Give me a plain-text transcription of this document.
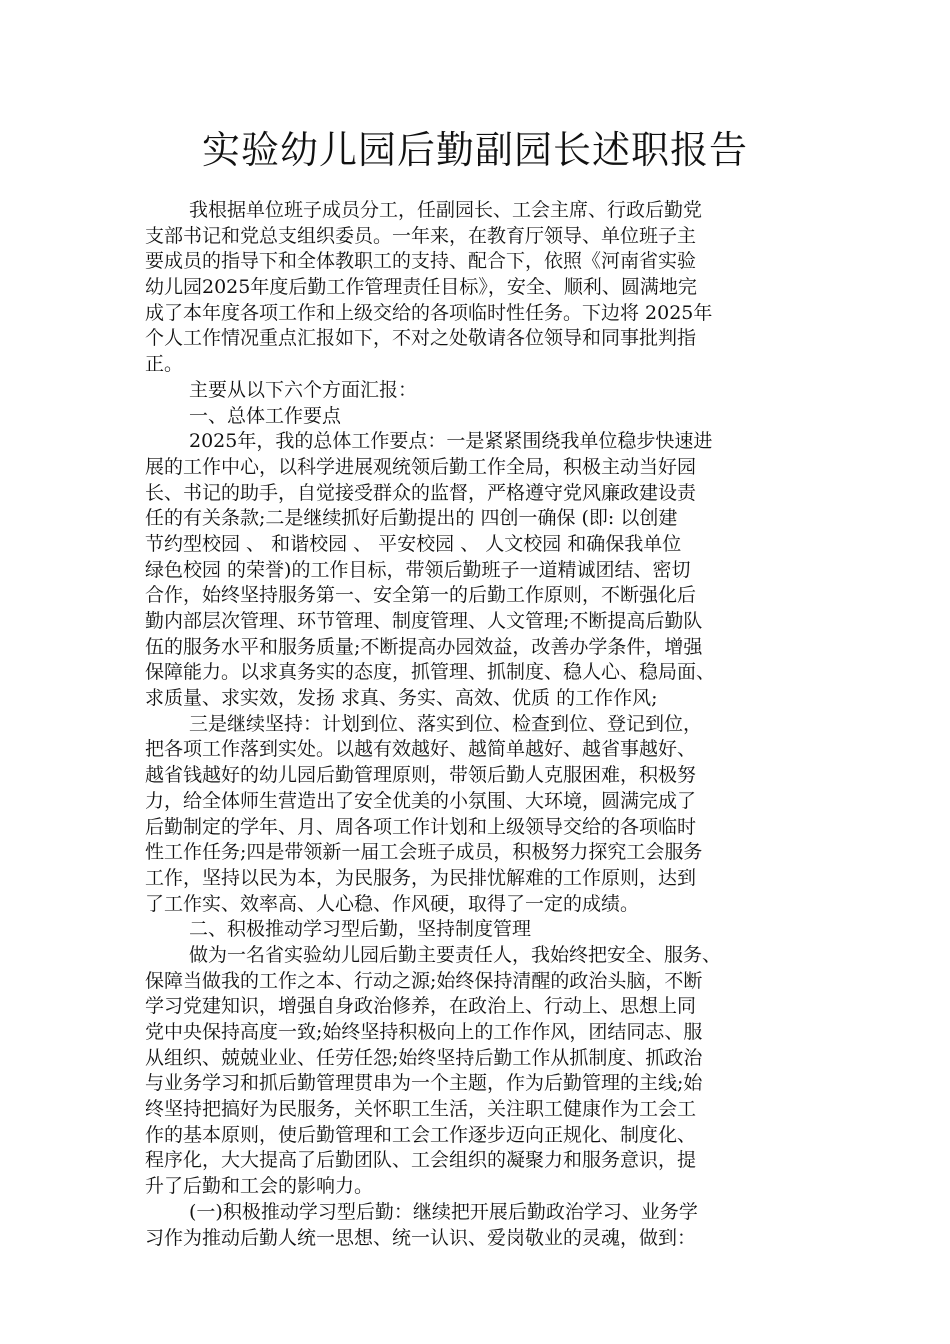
实验幼儿园后勤副园长述职报告
我根据单位班子成员分工，任副园长、工会主席、行政后勤党
支部书记和党总支组织委员。一年来，在教育厅领导、单位班子主
要成员的指导下和全体教职工的支持、配合下，依照《河南省实验
幼儿园2025年度后勤工作管理责任目标》，安全、顺利、圆满地完
成了本年度各项工作和上级交给的各项临时性任务。下边将 2025年
个人工作情况重点汇报如下，不对之处敬请各位领导和同事批判指
正。
主要从以下六个方面汇报：
一、总体工作要点
2025年，我的总体工作要点：一是紧紧围绕我单位稳步快速进
展的工作中心，以科学进展观统领后勤工作全局，积极主动当好园
长、书记的助手，自觉接受群众的监督，严格遵守党风廉政建设责
任的有关条款;二是继续抓好后勤提出的 四创一确保 (即: 以创建
节约型校园 、 和谐校园 、 平安校园 、 人文校园 和确保我单位
绿色校园 的荣誉)的工作目标，带领后勤班子一道精诚团结、密切
合作，始终坚持服务第一、安全第一的后勤工作原则，不断强化后
勤内部层次管理、环节管理、制度管理、人文管理;不断提高后勤队
伍的服务水平和服务质量;不断提高办园效益，改善办学条件，增强
保障能力。以求真务实的态度，抓管理、抓制度、稳人心、稳局面、
求质量、求实效，发扬 求真、务实、高效、优质 的工作作风;
三是继续坚持：计划到位、落实到位、检查到位、登记到位，
把各项工作落到实处。以越有效越好、越简单越好、越省事越好、
越省钱越好的幼儿园后勤管理原则，带领后勤人克服困难，积极努
力，给全体师生营造出了安全优美的小氛围、大环境，圆满完成了
后勤制定的学年、月、周各项工作计划和上级领导交给的各项临时
性工作任务;四是带领新一届工会班子成员，积极努力探究工会服务
工作，坚持以民为本，为民服务，为民排忧解难的工作原则，达到
了工作实、效率高、人心稳、作风硬，取得了一定的成绩。
二、积极推动学习型后勤，坚持制度管理
做为一名省实验幼儿园后勤主要责任人，我始终把安全、服务、
保障当做我的工作之本、行动之源;始终保持清醒的政治头脑，不断
学习党建知识，增强自身政治修养，在政治上、行动上、思想上同
党中央保持高度一致;始终坚持积极向上的工作作风，团结同志、服
从组织、兢兢业业、任劳任怨;始终坚持后勤工作从抓制度、抓政治
与业务学习和抓后勤管理贯串为一个主题，作为后勤管理的主线;始
终坚持把搞好为民服务，关怀职工生活，关注职工健康作为工会工
作的基本原则，使后勤管理和工会工作逐步迈向正规化、制度化、
程序化，大大提高了后勤团队、工会组织的凝聚力和服务意识，提
升了后勤和工会的影响力。
(一)积极推动学习型后勤：继续把开展后勤政治学习、业务学
习作为推动后勤人统一思想、统一认识、爱岗敬业的灵魂，做到：
